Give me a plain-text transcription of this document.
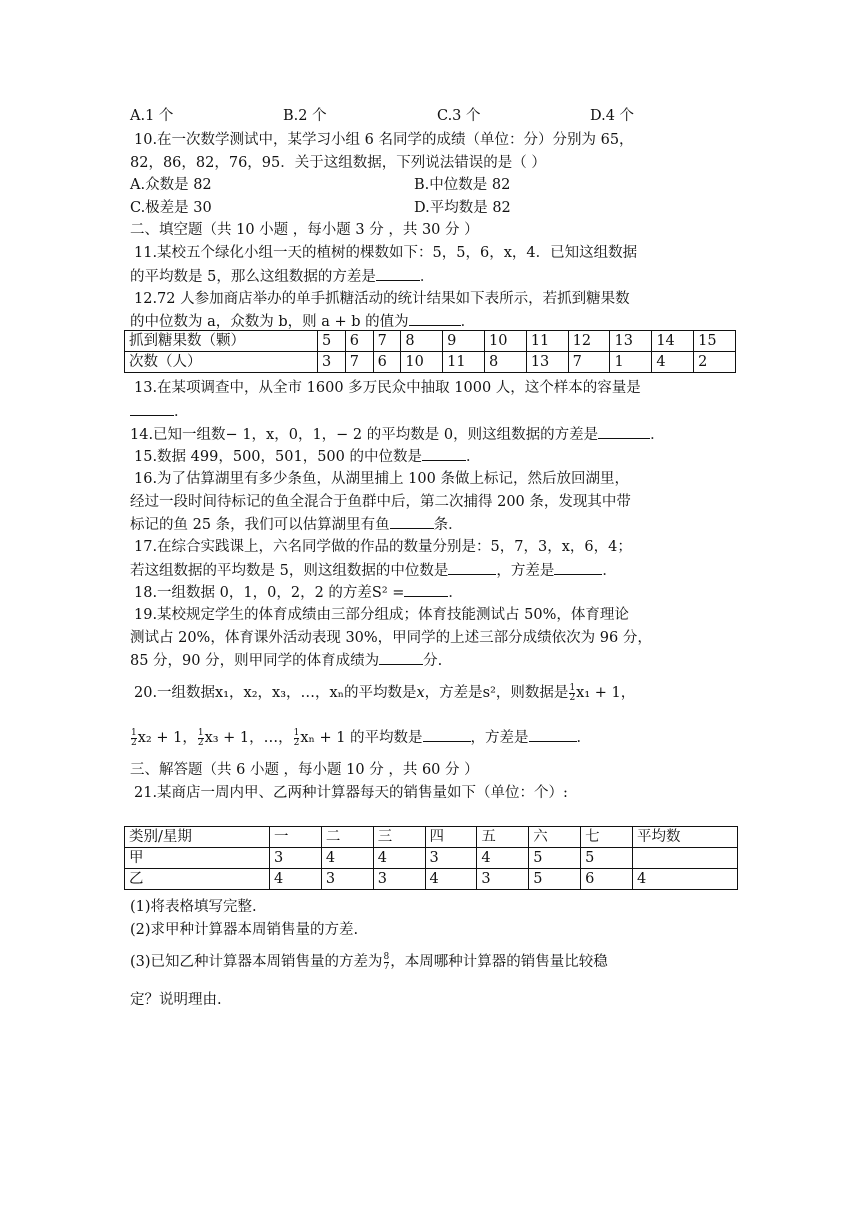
A.1 个	B.2 个	C.3 个	D.4 个
10.在一次数学测试中，某学习小组 6 名同学的成绩（单位：分）分别为 65，
82，86，82，76，95．关于这组数据，下列说法错误的是（ ）
A.众数是 82	B.中位数是 82
C.极差是 30	D.平均数是 82
二、填空题（共 10 小题 ，每小题 3 分 ，共 30 分 ）
11.某校五个绿化小组一天的植树的棵数如下：5，5，6，x，4．已知这组数据
的平均数是 5，那么这组数据的方差是	．
12.72 人参加商店举办的单手抓糖活动的统计结果如下表所示，若抓到糖果数
的中位数为 a，众数为 b，则 a + b 的值为	．
抓到糖果数（颗）	5	6	7	8	9	10	11	12	13	14	15
次数（人）	3	7	6	10	11	8	13	7	1	4	2
13.在某项调查中，从全市 1600 多万民众中抽取 1000 人，这个样本的容量是
．
14.已知一组数− 1，x，0，1，− 2 的平均数是 0，则这组数据的方差是	．
15.数据 499，500，501，500 的中位数是	．
16.为了估算湖里有多少条鱼，从湖里捕上 100 条做上标记，然后放回湖里，
经过一段时间待标记的鱼全混合于鱼群中后，第二次捕得 200 条，发现其中带
标记的鱼 25 条，我们可以估算湖里有鱼	条．
17.在综合实践课上，六名同学做的作品的数量分别是：5，7，3，x，6，4；
若这组数据的平均数是 5，则这组数据的中位数是	，方差是	．
18.一组数据 0，1，0，2，2 的方差S² =	．
19.某校规定学生的体育成绩由三部分组成；体育技能测试占 50%，体育理论
测试占 20%，体育课外活动表现 30%，甲同学的上述三部分成绩依次为 96 分，
85 分，90 分，则甲同学的体育成绩为	分.
20.一组数据x₁，x₂，x₃，…，xₙ的平均数是x，方差是s²，则数据是 $\frac{1}{2} x_1 + 1$，
$\frac{1}{2} x_2 + 1$， $\frac{1}{2} x_3 + 1$，…， $\frac{1}{2}$ xₙ + 1 的平均数是	，方差是	．
三、解答题（共 6 小题 ，每小题 10 分 ，共 60 分 ）
21.某商店一周内甲、乙两种计算器每天的销售量如下（单位：个）:
类别/星期	一	二	三	四	五	六	七	平均数
甲	3	4	4	3	4	5	5	
乙	4	3	3	4	3	5	6	4
(1)将表格填写完整.
(2)求甲种计算器本周销售量的方差.
(3)已知乙种计算器本周销售量的方差为 $\frac{8}{7}$ ，本周哪种计算器的销售量比较稳
定？说明理由.
